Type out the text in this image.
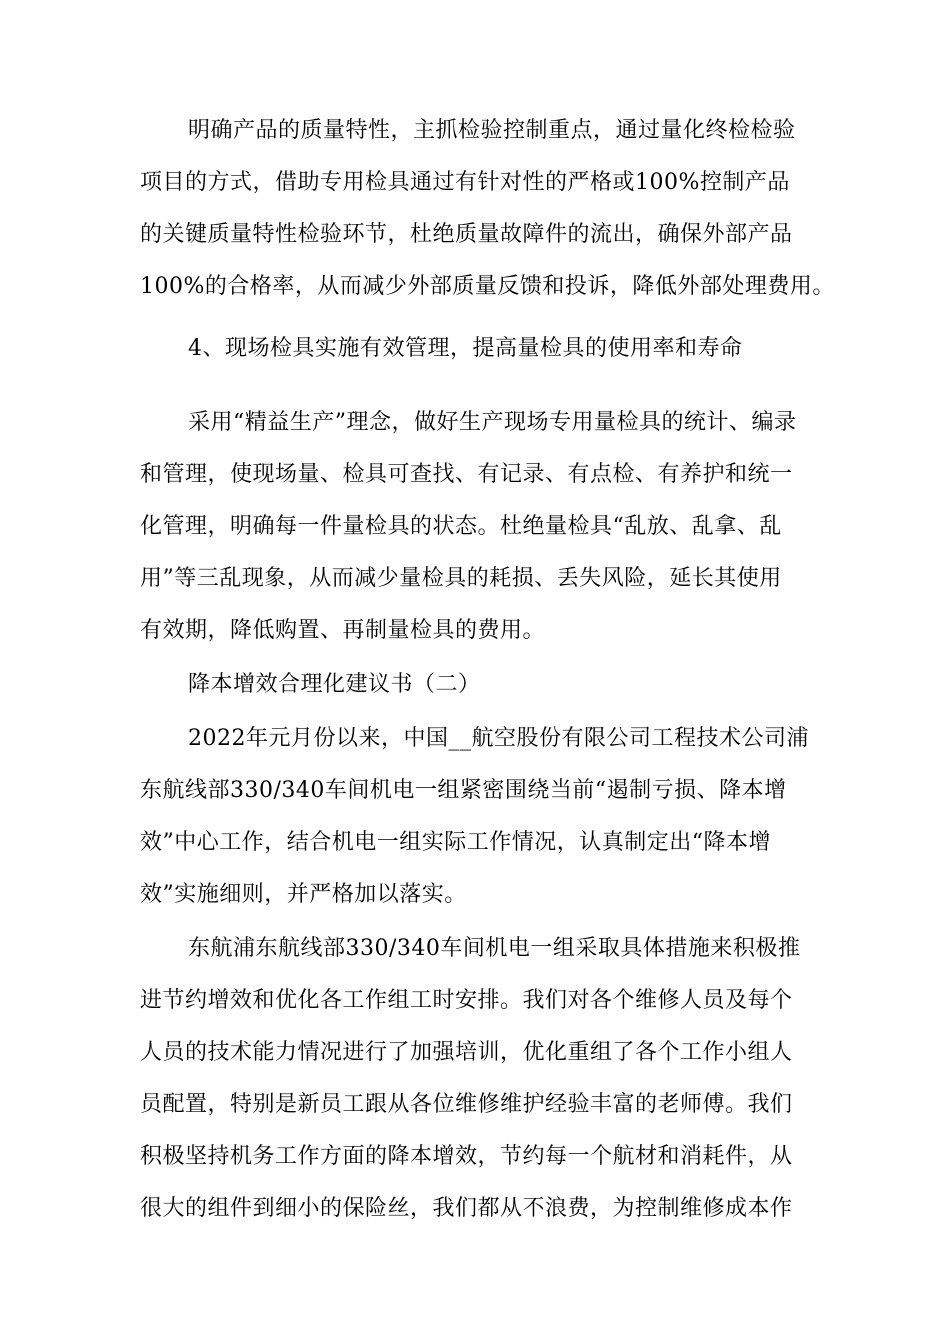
明确产品的质量特性，主抓检验控制重点，通过量化终检检验
项目的方式，借助专用检具通过有针对性的严格或100%控制产品
的关键质量特性检验环节，杜绝质量故障件的流出，确保外部产品
100%的合格率，从而减少外部质量反馈和投诉，降低外部处理费用。
4、现场检具实施有效管理，提高量检具的使用率和寿命
采用“精益生产”理念，做好生产现场专用量检具的统计、编录
和管理，使现场量、检具可查找、有记录、有点检、有养护和统一
化管理，明确每一件量检具的状态。杜绝量检具“乱放、乱拿、乱
用”等三乱现象，从而减少量检具的耗损、丢失风险，延长其使用
有效期，降低购置、再制量检具的费用。
降本增效合理化建议书（二）
2022年元月份以来，中国__航空股份有限公司工程技术公司浦
东航线部330/340车间机电一组紧密围绕当前“遏制亏损、降本增
效”中心工作，结合机电一组实际工作情况，认真制定出“降本增
效”实施细则，并严格加以落实。
东航浦东航线部330/340车间机电一组采取具体措施来积极推
进节约增效和优化各工作组工时安排。我们对各个维修人员及每个
人员的技术能力情况进行了加强培训，优化重组了各个工作小组人
员配置，特别是新员工跟从各位维修维护经验丰富的老师傅。我们
积极坚持机务工作方面的降本增效，节约每一个航材和消耗件，从
很大的组件到细小的保险丝，我们都从不浪费，为控制维修成本作
